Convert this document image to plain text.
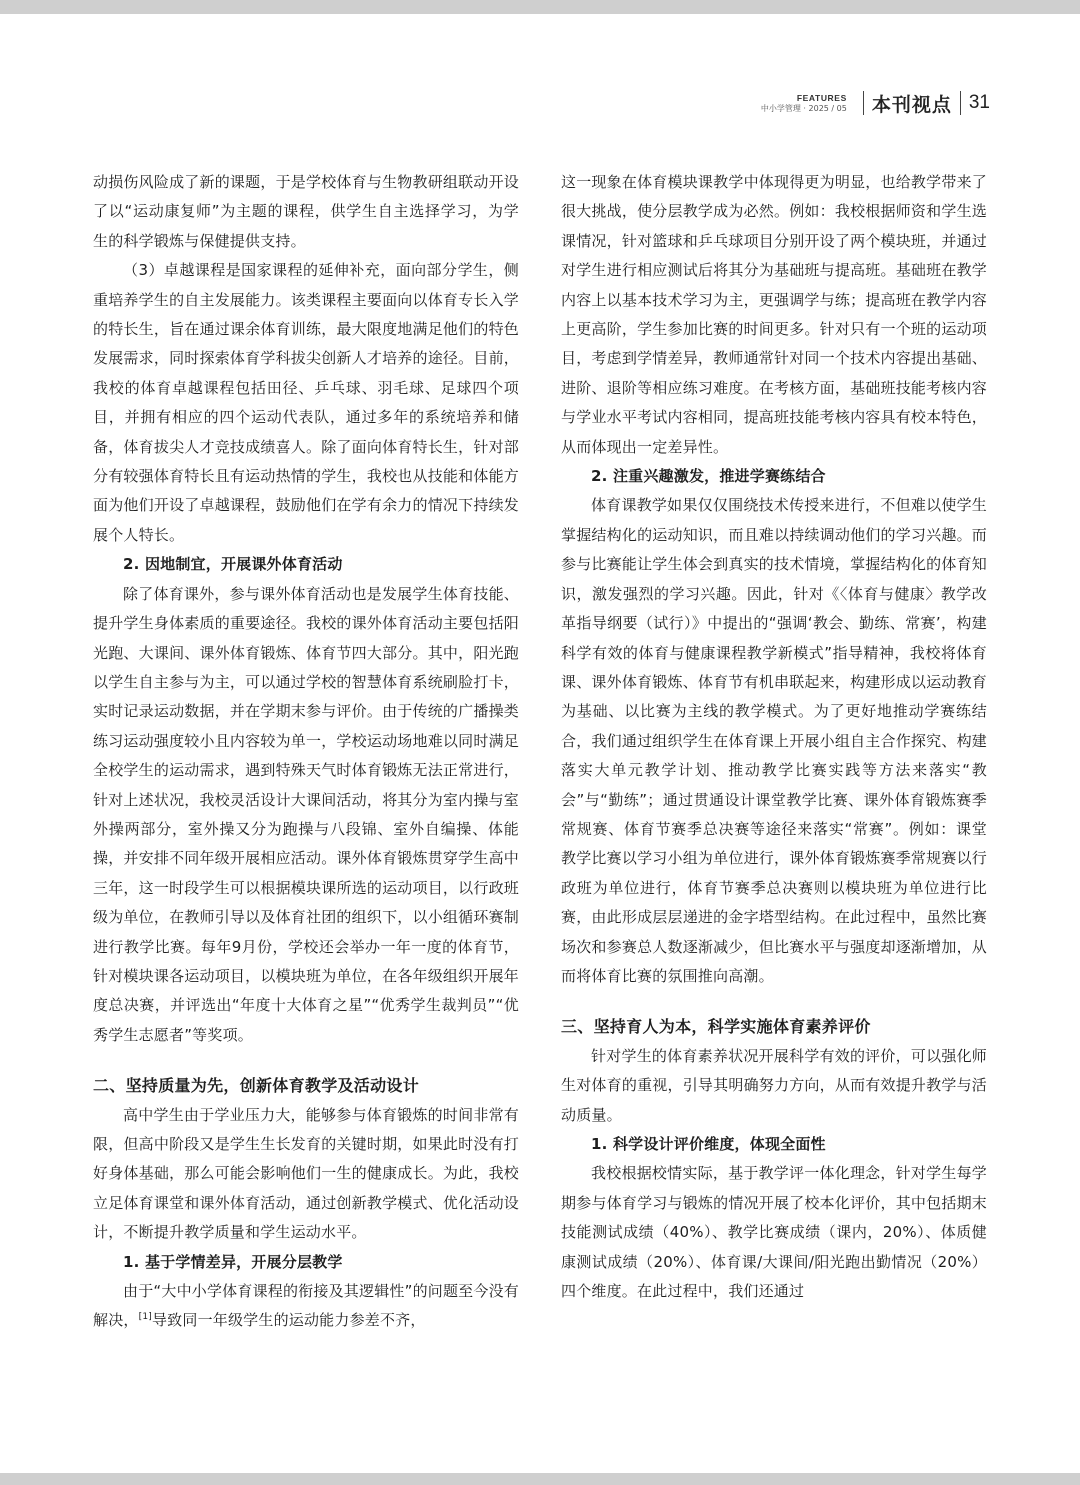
FEATURES
中小学管理 · 2025 / 05 本刊视点 31

动损伤风险成了新的课题，于是学校体育与生物教研组联动开设了以“运动康复师”为主题的课程，供学生自主选择学习，为学生的科学锻炼与保健提供支持。

（3）卓越课程是国家课程的延伸补充，面向部分学生，侧重培养学生的自主发展能力。该类课程主要面向以体育专长入学的特长生，旨在通过课余体育训练，最大限度地满足他们的特色发展需求，同时探索体育学科拔尖创新人才培养的途径。目前，我校的体育卓越课程包括田径、乒乓球、羽毛球、足球四个项目，并拥有相应的四个运动代表队，通过多年的系统培养和储备，体育拔尖人才竞技成绩喜人。除了面向体育特长生，针对部分有较强体育特长且有运动热情的学生，我校也从技能和体能方面为他们开设了卓越课程，鼓励他们在学有余力的情况下持续发展个人特长。

2. 因地制宜，开展课外体育活动

除了体育课外，参与课外体育活动也是发展学生体育技能、提升学生身体素质的重要途径。我校的课外体育活动主要包括阳光跑、大课间、课外体育锻炼、体育节四大部分。其中，阳光跑以学生自主参与为主，可以通过学校的智慧体育系统刷脸打卡，实时记录运动数据，并在学期末参与评价。由于传统的广播操类练习运动强度较小且内容较为单一，学校运动场地难以同时满足全校学生的运动需求，遇到特殊天气时体育锻炼无法正常进行，针对上述状况，我校灵活设计大课间活动，将其分为室内操与室外操两部分，室外操又分为跑操与八段锦、室外自编操、体能操，并安排不同年级开展相应活动。课外体育锻炼贯穿学生高中三年，这一时段学生可以根据模块课所选的运动项目，以行政班级为单位，在教师引导以及体育社团的组织下，以小组循环赛制进行教学比赛。每年9月份，学校还会举办一年一度的体育节，针对模块课各运动项目，以模块班为单位，在各年级组织开展年度总决赛，并评选出“年度十大体育之星”“优秀学生裁判员”“优秀学生志愿者”等奖项。

二、坚持质量为先，创新体育教学及活动设计

高中学生由于学业压力大，能够参与体育锻炼的时间非常有限，但高中阶段又是学生生长发育的关键时期，如果此时没有打好身体基础，那么可能会影响他们一生的健康成长。为此，我校立足体育课堂和课外体育活动，通过创新教学模式、优化活动设计，不断提升教学质量和学生运动水平。

1. 基于学情差异，开展分层教学

由于“大中小学体育课程的衔接及其逻辑性”的问题至今没有解决，[1]导致同一年级学生的运动能力参差不齐，

这一现象在体育模块课教学中体现得更为明显，也给教学带来了很大挑战，使分层教学成为必然。例如：我校根据师资和学生选课情况，针对篮球和乒乓球项目分别开设了两个模块班，并通过对学生进行相应测试后将其分为基础班与提高班。基础班在教学内容上以基本技术学习为主，更强调学与练；提高班在教学内容上更高阶，学生参加比赛的时间更多。针对只有一个班的运动项目，考虑到学情差异，教师通常针对同一个技术内容提出基础、进阶、退阶等相应练习难度。在考核方面，基础班技能考核内容与学业水平考试内容相同，提高班技能考核内容具有校本特色，从而体现出一定差异性。

2. 注重兴趣激发，推进学赛练结合

体育课教学如果仅仅围绕技术传授来进行，不但难以使学生掌握结构化的运动知识，而且难以持续调动他们的学习兴趣。而参与比赛能让学生体会到真实的技术情境，掌握结构化的体育知识，激发强烈的学习兴趣。因此，针对《〈体育与健康〉教学改革指导纲要（试行）》中提出的“强调‘教会、勤练、常赛’，构建科学有效的体育与健康课程教学新模式”指导精神，我校将体育课、课外体育锻炼、体育节有机串联起来，构建形成以运动教育为基础、以比赛为主线的教学模式。为了更好地推动学赛练结合，我们通过组织学生在体育课上开展小组自主合作探究、构建落实大单元教学计划、推动教学比赛实践等方法来落实“教会”与“勤练”；通过贯通设计课堂教学比赛、课外体育锻炼赛季常规赛、体育节赛季总决赛等途径来落实“常赛”。例如：课堂教学比赛以学习小组为单位进行，课外体育锻炼赛季常规赛以行政班为单位进行，体育节赛季总决赛则以模块班为单位进行比赛，由此形成层层递进的金字塔型结构。在此过程中，虽然比赛场次和参赛总人数逐渐减少，但比赛水平与强度却逐渐增加，从而将体育比赛的氛围推向高潮。

三、坚持育人为本，科学实施体育素养评价

针对学生的体育素养状况开展科学有效的评价，可以强化师生对体育的重视，引导其明确努力方向，从而有效提升教学与活动质量。

1. 科学设计评价维度，体现全面性

我校根据校情实际，基于教学评一体化理念，针对学生每学期参与体育学习与锻炼的情况开展了校本化评价，其中包括期末技能测试成绩（40%）、教学比赛成绩（课内，20%）、体质健康测试成绩（20%）、体育课/大课间/阳光跑出勤情况（20%）四个维度。在此过程中，我们还通过
